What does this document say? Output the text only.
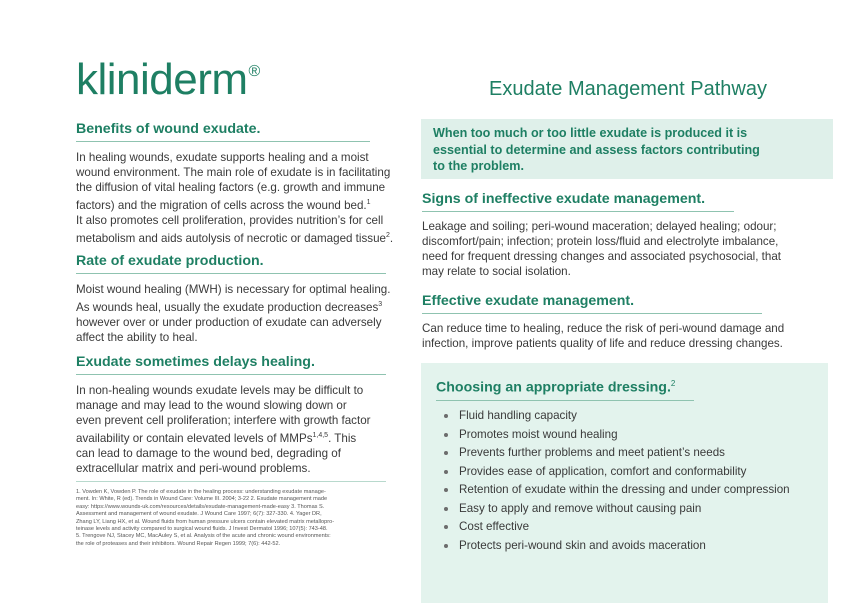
kliniderm®
Exudate Management Pathway
Benefits of wound exudate.
In healing wounds, exudate supports healing and a moist
wound environment. The main role of exudate is in facilitating
the diffusion of vital healing factors (e.g. growth and immune
factors) and the migration of cells across the wound bed.$^1$
It also promotes cell proliferation, provides nutrition’s for cell
metabolism and aids autolysis of necrotic or damaged tissue$^2$.
Rate of exudate production.
Moist wound healing (MWH) is necessary for optimal healing.
As wounds heal, usually the exudate production decreases$^3$
however over or under production of exudate can adversely
affect the ability to heal.
Exudate sometimes delays healing.
In non-healing wounds exudate levels may be difficult to
manage and may lead to the wound slowing down or
even prevent cell proliferation; interfere with growth factor
availability or contain elevated levels of MMPs$^{1,4,5}$. This
can lead to damage to the wound bed, degrading of
extracellular matrix and peri-wound problems.
1. Vowden K, Vowden P. The role of exudate in the healing process: understanding exudate manage-
ment. In: White, R (ed). Trends in Wound Care: Volume III. 2004; 3-22 2. Exudate management made
easy: https://www.wounds-uk.com/resources/details/exudate-management-made-easy 3. Thomas S.
Assessment and management of wound exudate. J Wound Care 1997; 6(7): 327-330. 4. Yager DR,
Zhang LY, Liang HX, et al. Wound fluids from human pressure ulcers contain elevated matrix metallopro-
teinase levels and activity compared to surgical wound fluids. J Invest Dermatol 1996; 107(5): 743-48.
5. Trengove NJ, Stacey MC, MacAuley S, et al. Analysis of the acute and chronic wound environments:
the role of proteases and their inhibitors. Wound Repair Regen 1999; 7(6): 442-52.
When too much or too little exudate is produced it is
essential to determine and assess factors contributing
to the problem.
Signs of ineffective exudate management.
Leakage and soiling; peri-wound maceration; delayed healing; odour;
discomfort/pain; infection; protein loss/fluid and electrolyte imbalance,
need for frequent dressing changes and associated psychosocial, that
may relate to social isolation.
Effective exudate management.
Can reduce time to healing, reduce the risk of peri-wound damage and
infection, improve patients quality of life and reduce dressing changes.
Choosing an appropriate dressing.$^2$
Fluid handling capacity
Promotes moist wound healing
Prevents further problems and meet patient’s needs
Provides ease of application, comfort and conformability
Retention of exudate within the dressing and under compression
Easy to apply and remove without causing pain
Cost effective
Protects peri-wound skin and avoids maceration
